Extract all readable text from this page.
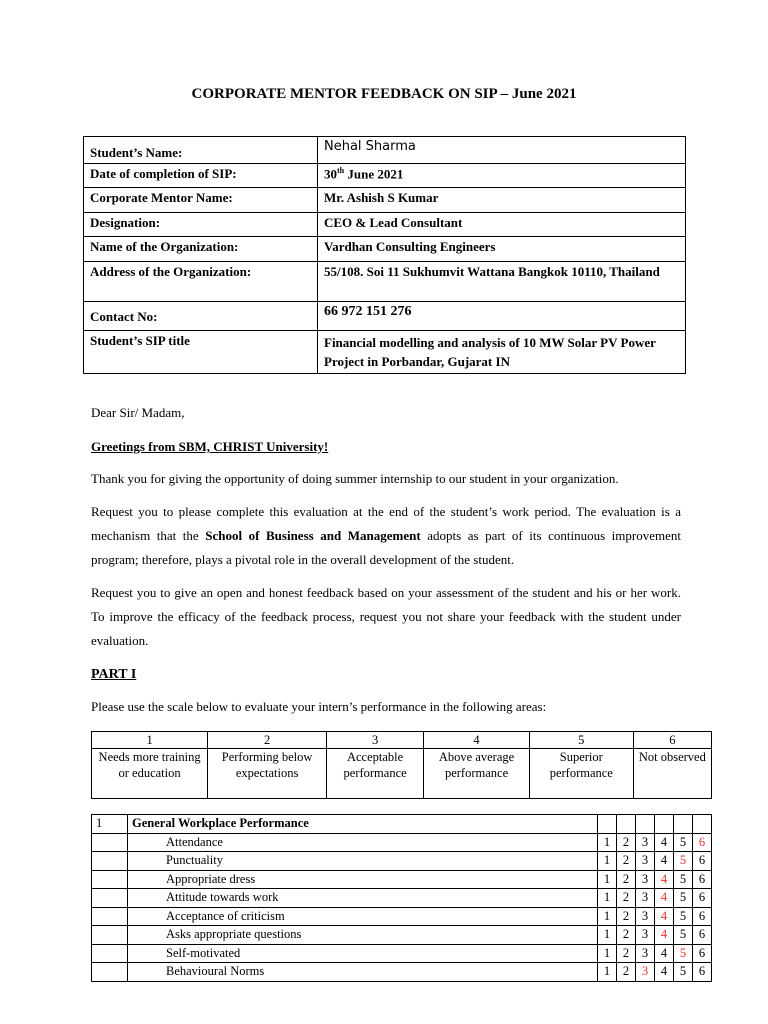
CORPORATE MENTOR FEEDBACK ON SIP – June 2021
Student’s Name:	Nehal Sharma
Date of completion of SIP:	30th June 2021
Corporate Mentor Name:	Mr. Ashish S Kumar
Designation:	CEO & Lead Consultant
Name of the Organization:	Vardhan Consulting Engineers
Address of the Organization:	55/108. Soi 11 Sukhumvit Wattana Bangkok 10110, Thailand
Contact No:	66 972 151 276
Student’s SIP title	Financial modelling and analysis of 10 MW Solar PV Power Project in Porbandar, Gujarat IN

Dear Sir/ Madam,

Greetings from SBM, CHRIST University!

Thank you for giving the opportunity of doing summer internship to our student in your organization.

Request you to please complete this evaluation at the end of the student’s work period. The evaluation is a mechanism that the School of Business and Management adopts as part of its continuous improvement program; therefore, plays a pivotal role in the overall development of the student.

Request you to give an open and honest feedback based on your assessment of the student and his or her work. To improve the efficacy of the feedback process, request you not share your feedback with the student under evaluation.

PART I

Please use the scale below to evaluate your intern’s performance in the following areas:

1	2	3	4	5	6
Needs more training or education	Performing below expectations	Acceptable performance	Above average performance	Superior performance	Not observed
1	General Workplace Performance						
	Attendance	1	2	3	4	5	6
	Punctuality	1	2	3	4	5	6
	Appropriate dress	1	2	3	4	5	6
	Attitude towards work	1	2	3	4	5	6
	Acceptance of criticism	1	2	3	4	5	6
	Asks appropriate questions	1	2	3	4	5	6
	Self-motivated	1	2	3	4	5	6
	Behavioural Norms	1	2	3	4	5	6
